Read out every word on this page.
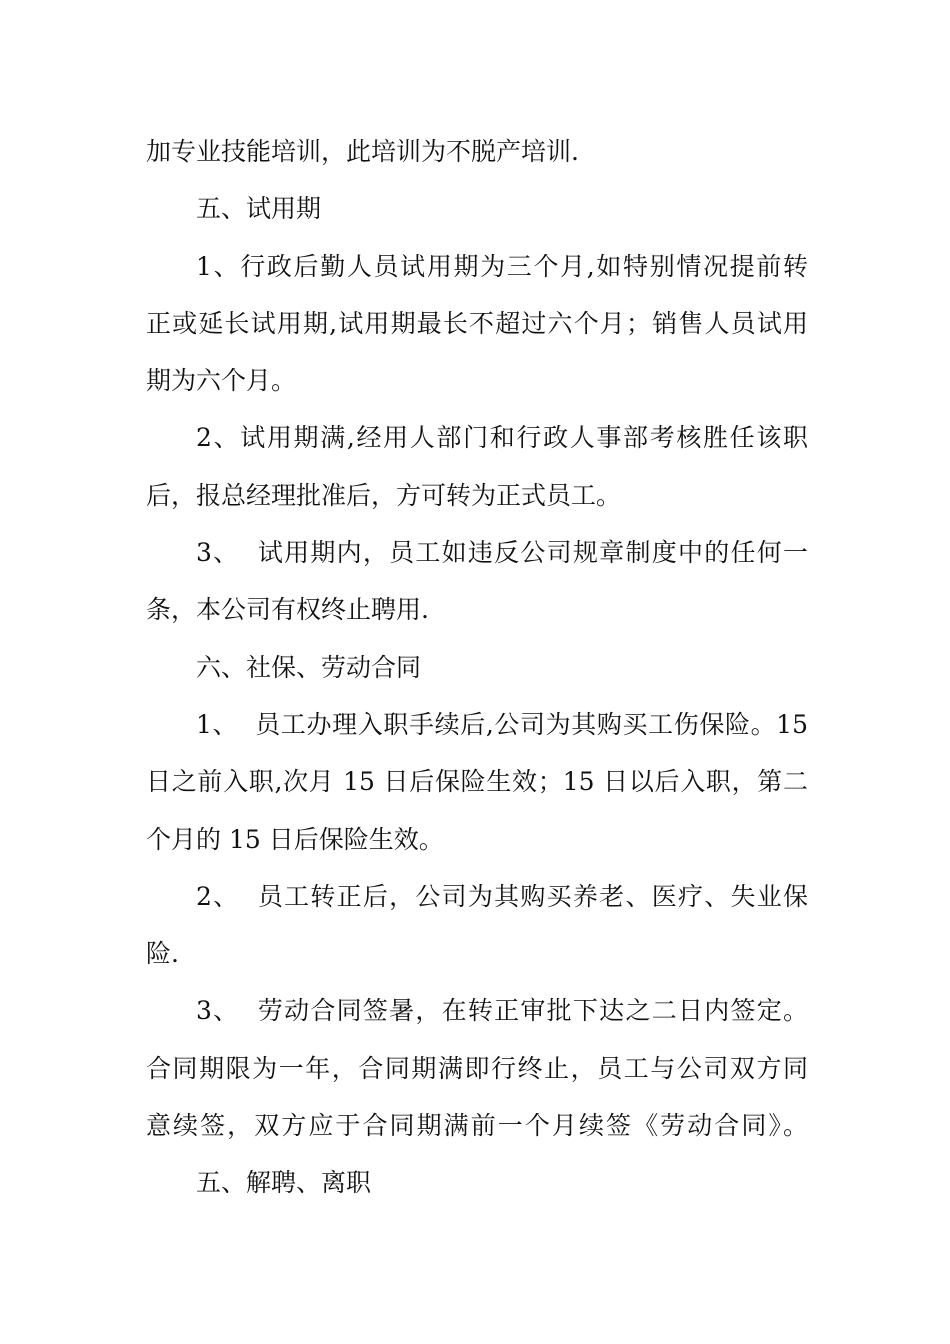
加专业技能培训，此培训为不脱产培训.
五、试用期
1、行政后勤人员试用期为三个月,如特别情况提前转
正或延长试用期,试用期最长不超过六个月；销售人员试用
期为六个月。
2、试用期满,经用人部门和行政人事部考核胜任该职
后，报总经理批准后，方可转为正式员工。
3、  试用期内，员工如违反公司规章制度中的任何一
条，本公司有权终止聘用.
六、社保、劳动合同
1、  员工办理入职手续后,公司为其购买工伤保险。15
日之前入职,次月 15 日后保险生效；15 日以后入职，第二
个月的 15 日后保险生效。
2、  员工转正后，公司为其购买养老、医疗、失业保
险.
3、  劳动合同签暑，在转正审批下达之二日内签定。
合同期限为一年，合同期满即行终止，员工与公司双方同
意续签，双方应于合同期满前一个月续签《劳动合同》。
五、解聘、离职
